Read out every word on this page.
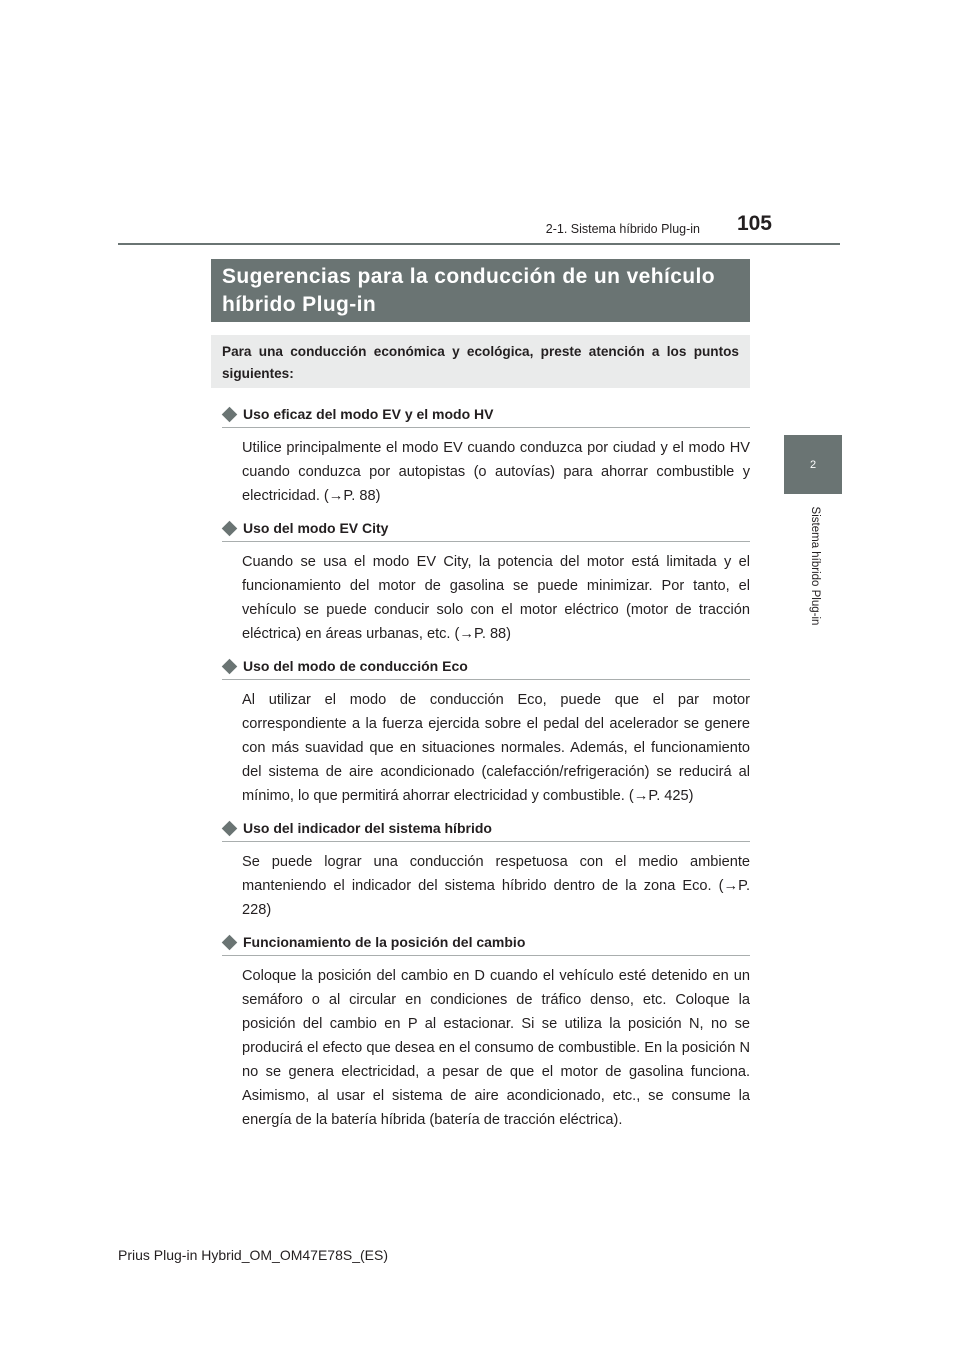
2-1. Sistema híbrido Plug-in	105
2
Sistema híbrido Plug-in
Sugerencias para la conducción de un vehículo híbrido Plug-in
Para una conducción económica y ecológica, preste atención a los puntos siguientes:
Uso eficaz del modo EV y el modo HV
Utilice principalmente el modo EV cuando conduzca por ciudad y el modo HV cuando conduzca por autopistas (o autovías) para ahorrar combustible y electricidad. (→P. 88)
Uso del modo EV City
Cuando se usa el modo EV City, la potencia del motor está limitada y el funcionamiento del motor de gasolina se puede minimizar. Por tanto, el vehículo se puede conducir solo con el motor eléctrico (motor de tracción eléctrica) en áreas urbanas, etc. (→P. 88)
Uso del modo de conducción Eco
Al utilizar el modo de conducción Eco, puede que el par motor correspondiente a la fuerza ejercida sobre el pedal del acelerador se genere con más suavidad que en situaciones normales. Además, el funcionamiento del sistema de aire acondicionado (calefacción/refrigeración) se reducirá al mínimo, lo que permitirá ahorrar electricidad y combustible. (→P. 425)
Uso del indicador del sistema híbrido
Se puede lograr una conducción respetuosa con el medio ambiente manteniendo el indicador del sistema híbrido dentro de la zona Eco. (→P. 228)
Funcionamiento de la posición del cambio
Coloque la posición del cambio en D cuando el vehículo esté detenido en un semáforo o al circular en condiciones de tráfico denso, etc. Coloque la posición del cambio en P al estacionar. Si se utiliza la posición N, no se producirá el efecto que desea en el consumo de combustible. En la posición N no se genera electricidad, a pesar de que el motor de gasolina funciona. Asimismo, al usar el sistema de aire acondicionado, etc., se consume la energía de la batería híbrida (batería de tracción eléctrica).
Prius Plug-in Hybrid_OM_OM47E78S_(ES)
